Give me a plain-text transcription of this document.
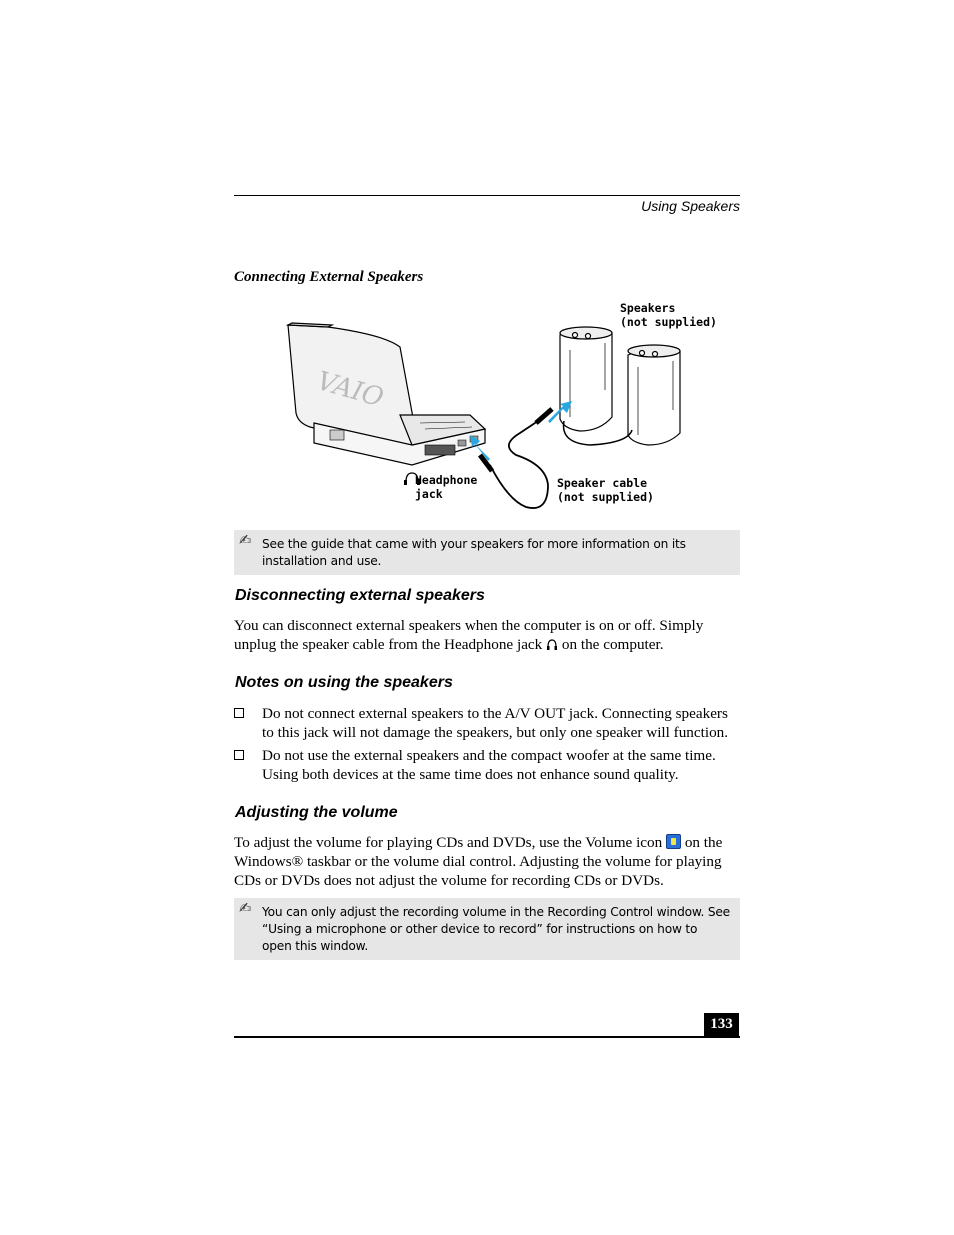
Using Speakers
Connecting External Speakers
VAIO
Speakers
(not supplied)
Headphone
jack
Speaker cable
(not supplied)
✍ See the guide that came with your speakers for more information on its installation and use.
Disconnecting external speakers
You can disconnect external speakers when the computer is on or off. Simply unplug the speaker cable from the Headphone jack on the computer.
Notes on using the speakers
Do not connect external speakers to the A/V OUT jack. Connecting speakers to this jack will not damage the speakers, but only one speaker will function.
Do not use the external speakers and the compact woofer at the same time. Using both devices at the same time does not enhance sound quality.
Adjusting the volume
To adjust the volume for playing CDs and DVDs, use the Volume icon on the Windows® taskbar or the volume dial control. Adjusting the volume for playing CDs or DVDs does not adjust the volume for recording CDs or DVDs.
✍ You can only adjust the recording volume in the Recording Control window. See “Using a microphone or other device to record” for instructions on how to open this window.
133
